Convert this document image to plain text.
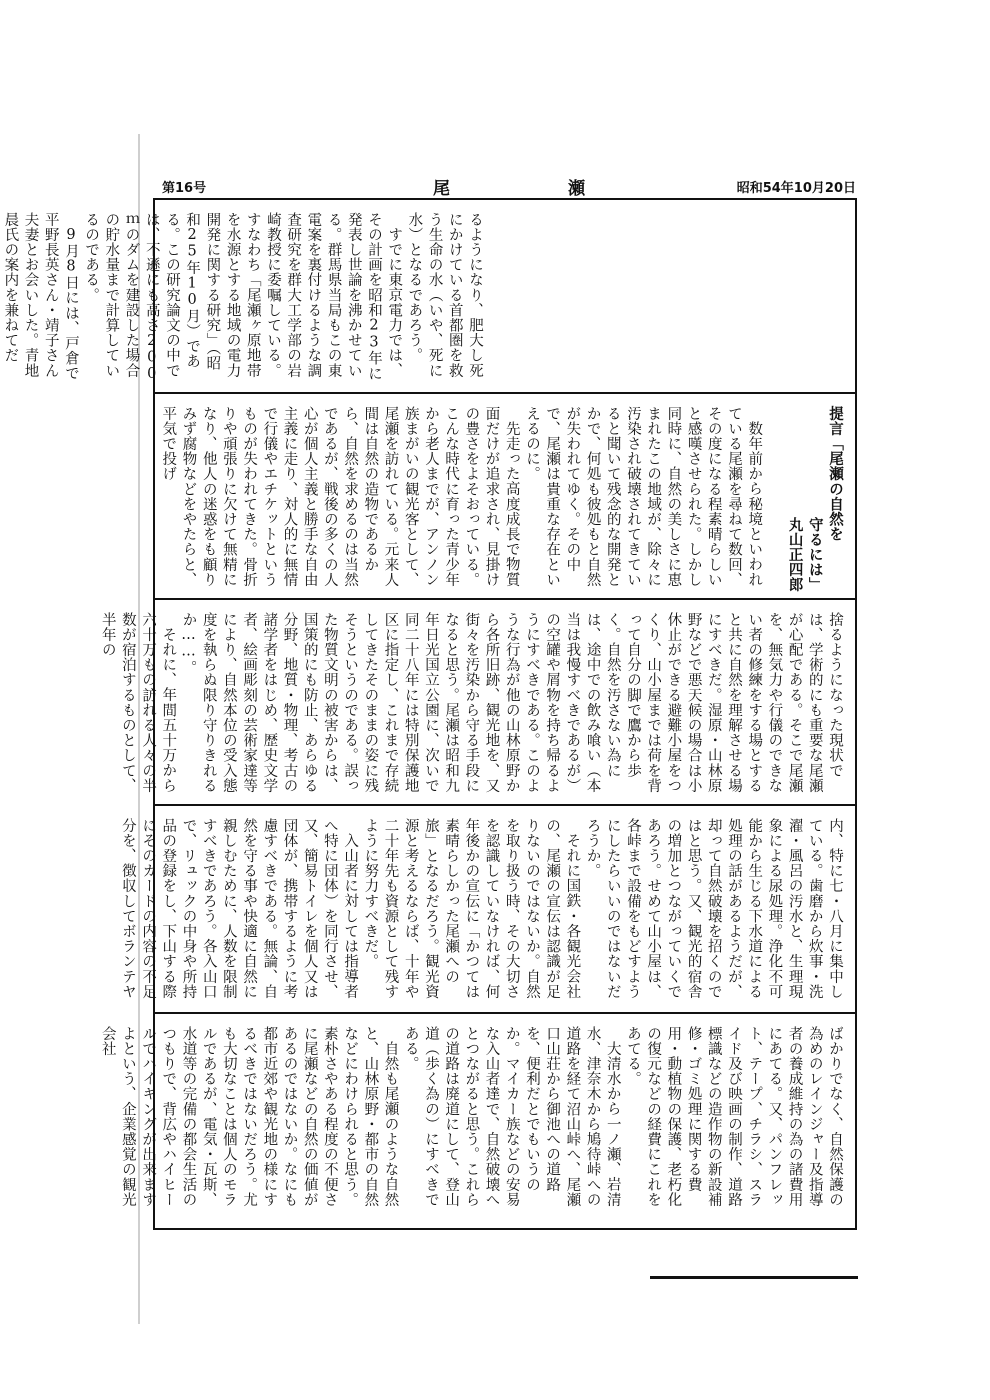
第16号	尾 瀬	昭和54年10月20日

るようになり、肥大し死にかけている首都圏を救う生命の水（いや、死に水）となるであろう。

すでに東京電力では、その計画を昭和23年に発表し世論を沸かせている。群馬県当局もこの東電案を裏付けるような調査研究を群大工学部の岩崎教授に委嘱している。すなわち「尾瀬ヶ原地帯を水源とする地域の電力開発に関する研究」（昭和25年10月）である。この研究論文の中では、不遜にも高さ200ｍのダムを建設した場合の貯水量まで計算しているのである。

9月8日には、戸倉で平野長英さん・靖子さん夫妻とお会いした。青地晨氏の案内を兼ねてだ

提言「尾瀬の自然を

守るには」

丸山正四郎

数年前から秘境といわれている尾瀬を尋ねて数回、その度になる程素晴らしいと感嘆させられた。しかし同時に、自然の美しさに恵まれたこの地域が、除々に汚染され破壊されてきていると聞いて残念的な開発とかで、何処も彼処もと自然が失われてゆく。その中で、尾瀬は貴重な存在といえるのに。

先走った高度成長で物質面だけが追求され、見掛けの豊さをよそおっている。こんな時代に育った青少年から老人までが、アンノン族まがいの観光客として、尾瀬を訪れている。元来人間は自然の造物であるから、自然を求めるのは当然であるが、戦後の多くの人心が個人主義と勝手な自由主義に走り、対人的に無情で行儀やエチケットというものが失われてきた。骨折りや頑張りに欠けて無精になり、他人の迷惑をも顧りみず腐物などをやたらと、平気で投げ

捨るようになった現状では、学術的にも重要な尾瀬が心配である。そこで尾瀬を、無気力や行儀のできない者の修練をする場とすると共に自然を理解させる場にすべきだ。湿原・山林原野などで悪天候の場合は小休止ができる避難小屋をつくり、山小屋までは荷を背って自分の脚で鷹から歩く。自然を汚さない為には、途中での飲み喰い（本当は我慢すべきであるが）の空罐や屑物を持ち帰るようにすべきである。このような行為が他の山林原野から各所旧跡、観光地を、又街々を汚染から守る手段になると思う。尾瀬は昭和九年日光国立公園に、次いで同二十八年には特別保護地区に指定し、これまで存続してきたそのままの姿に残そうというのである。誤った物質文明の被害からは、国策的にも防止、あらゆる分野、地質・物理、考古の諸学者をはじめ、歴史文学者、絵画彫刻の芸術家達等により、自然本位の受入態度を執らぬ限り守りきれるか……。

それに、年間五十万から六十万もの訪れる人々の半数が宿泊するものとして、半年の

内、特に七・八月に集中している。歯磨から炊事・洗濯・風呂の汚水と、生理現象による尿処理。浄化不可能から生じる下水道による処理の話があるようだが、却って自然破壊を招くのではと思う。又、観光的宿舎の増加とつながっていくであろう。せめて山小屋は、各峠まで設備をもどすようにしたらいいのではないだろうか。

それに国鉄・各観光会社の、尾瀬の宣伝は認識が足りないのではないか。自然を取り扱う時、その大切さを認識していなければ、何年後かの宣伝に「かつては素晴らしかった尾瀬への旅」となるだろう。観光資源と考えるならば、十年や二十年先も資源として残すように努力すべきだ。

入山者に対しては指導者へ特に団体）を同行させ、又、簡易トイレを個人又は団体が、携帯するように考慮すべきである。無論、自然を守る事や快適に自然に親しむために、人数を限制すべきであろう。各入山口で、リュックの中身や所持品の登録をし、下山する際にそのカードの内容の不足分を、徴収してボランテヤ

ばかりでなく、自然保護の為めのレインジャー及指導者の養成維持の為の諸費用にあてる。又、パンフレット、テープ、チラシ、スライド及び映画の制作、道路標識などの造作物の新設補修・ゴミ処理に関する費用・動植物の保護、老朽化の復元などの経費にこれをあてる。

大清水から一ノ瀬、岩清水、津奈木から鳩待峠への道路を経て沼山峠へ、尾瀬口山荘から御池への道路を、便利だとでもいうのか。マイカー族などの安易な入山者達で、自然破壊へとつながると思う。これらの道路は廃道にして、登山道（歩く為の）にすべきである。

自然も尾瀬のような自然と、山林原野・都市の自然などにわけられると思う。素朴さやある程度の不便さに尾瀬などの自然の価値があるのではないか。なにも都市近郊や観光地の様にするべきではないだろう。尤も大切なことは個人のモラルであるが、電気・瓦斯、水道等の完備の都会生活のつもりで、背広やハイヒールでハイキングが出来ますよという、企業感覚の観光会社
